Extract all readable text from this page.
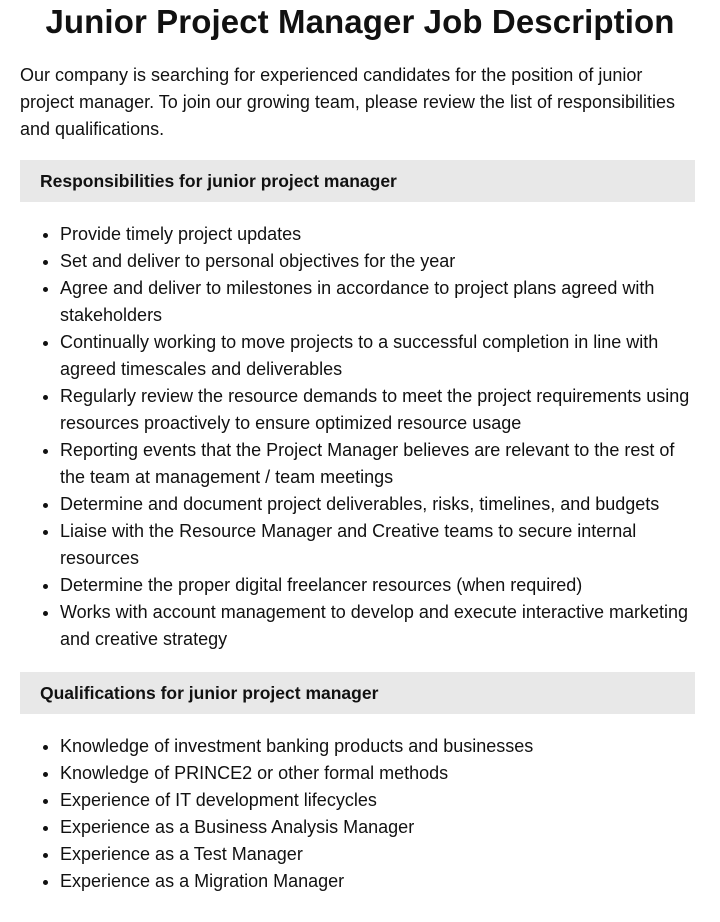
Junior Project Manager Job Description

Our company is searching for experienced candidates for the position of junior project manager. To join our growing team, please review the list of responsibilities and qualifications.

Responsibilities for junior project manager
• Provide timely project updates
• Set and deliver to personal objectives for the year
• Agree and deliver to milestones in accordance to project plans agreed with stakeholders
• Continually working to move projects to a successful completion in line with agreed timescales and deliverables
• Regularly review the resource demands to meet the project requirements using resources proactively to ensure optimized resource usage
• Reporting events that the Project Manager believes are relevant to the rest of the team at management / team meetings
• Determine and document project deliverables, risks, timelines, and budgets
• Liaise with the Resource Manager and Creative teams to secure internal resources
• Determine the proper digital freelancer resources (when required)
• Works with account management to develop and execute interactive marketing and creative strategy
Qualifications for junior project manager
• Knowledge of investment banking products and businesses
• Knowledge of PRINCE2 or other formal methods
• Experience of IT development lifecycles
• Experience as a Business Analysis Manager
• Experience as a Test Manager
• Experience as a Migration Manager
